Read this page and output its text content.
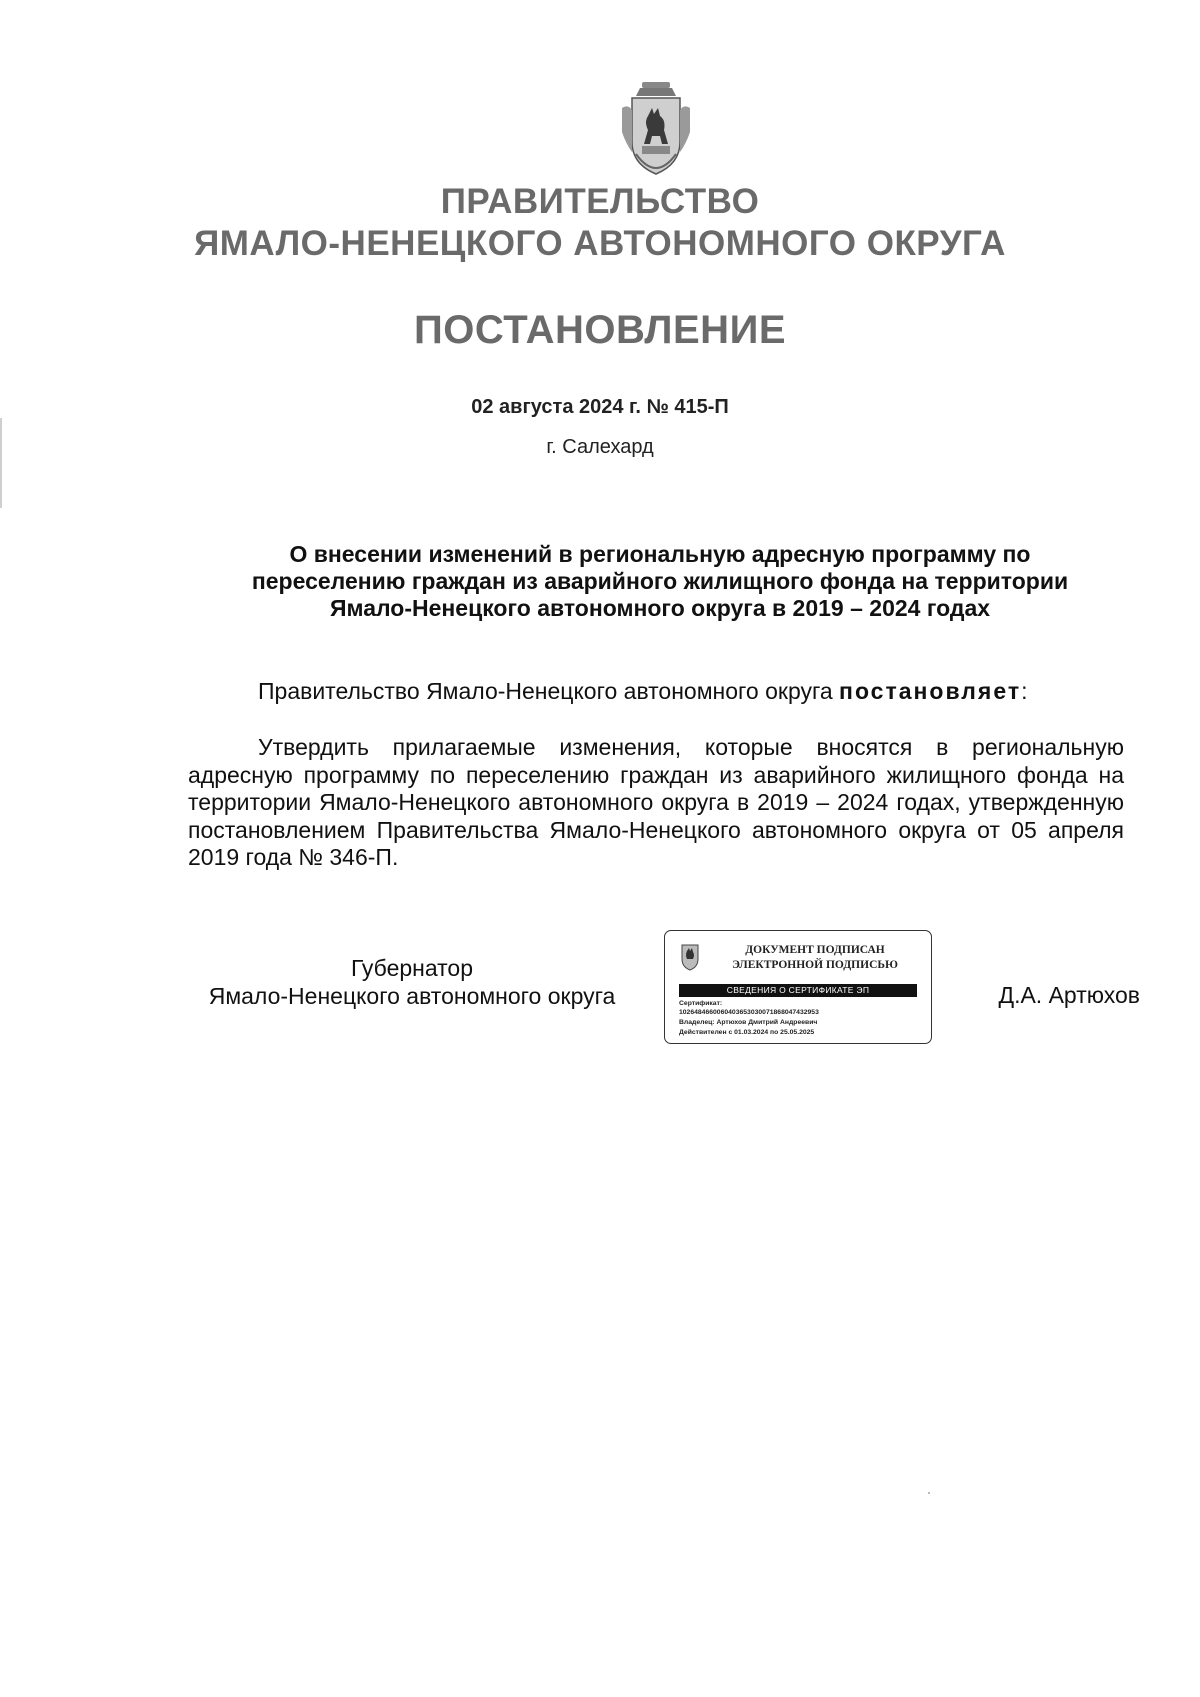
ПРАВИТЕЛЬСТВО
ЯМАЛО-НЕНЕЦКОГО АВТОНОМНОГО ОКРУГА
ПОСТАНОВЛЕНИЕ
02 августа 2024 г. № 415-П
г. Салехард
О внесении изменений в региональную адресную программу по
переселению граждан из аварийного жилищного фонда на территории
Ямало-Ненецкого автономного округа в 2019 – 2024 годах
Правительство Ямало-Ненецкого автономного округа постановляет:
Утвердить прилагаемые изменения, которые вносятся в региональную адресную программу по переселению граждан из аварийного жилищного фонда на территории Ямало-Ненецкого автономного округа в 2019 – 2024 годах, утвержденную постановлением Правительства Ямало-Ненецкого автономного округа от 05 апреля 2019 года № 346-П.
Губернатор
Ямало-Ненецкого автономного округа
ДОКУМЕНТ ПОДПИСАН
ЭЛЕКТРОННОЙ ПОДПИСЬЮ
СВЕДЕНИЯ О СЕРТИФИКАТЕ ЭП
Сертификат:
1026484660060403653030071868047432953
Владелец: Артюхов Дмитрий Андреевич
Действителен с 01.03.2024 по 25.05.2025
Д.А. Артюхов
